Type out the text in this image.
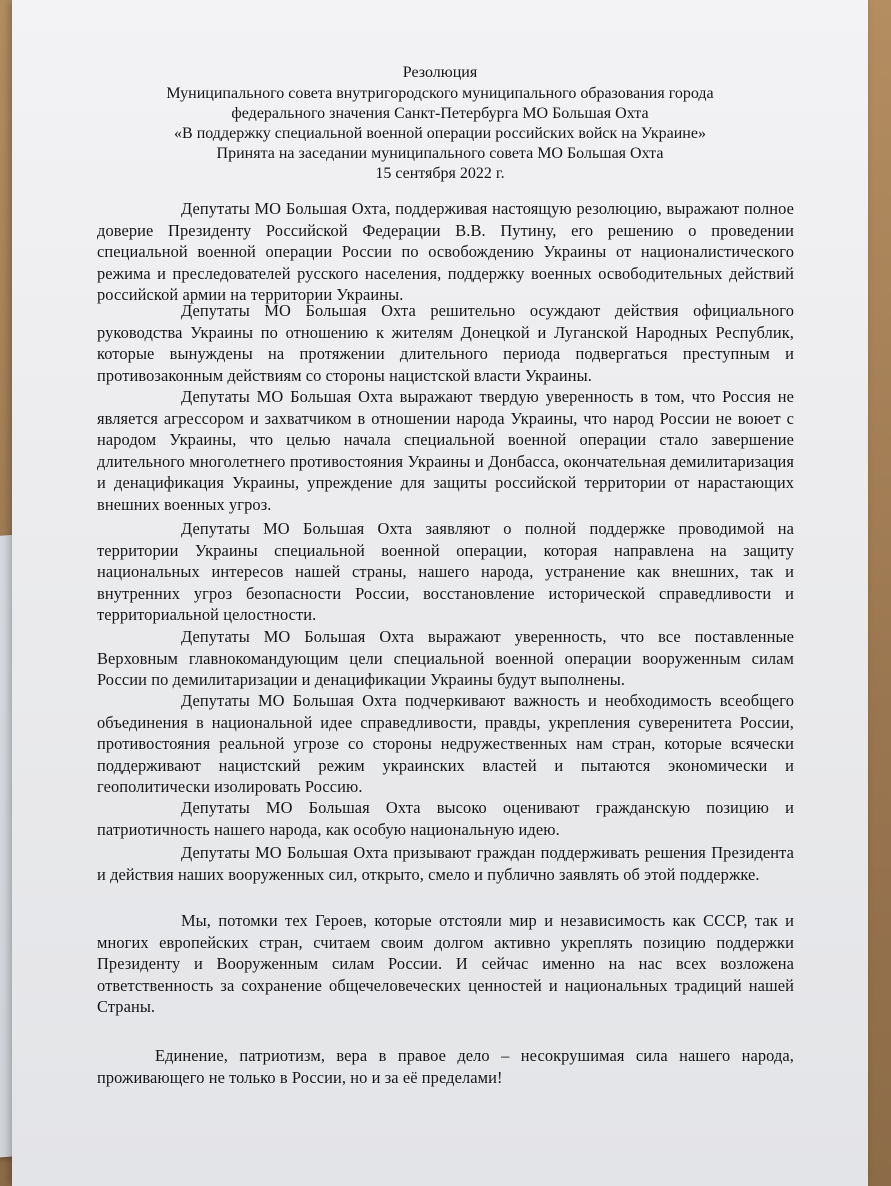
Резолюция
Муниципального совета внутригородского муниципального образования города
федерального значения Санкт-Петербурга МО Большая Охта
«В поддержку специальной военной операции российских войск на Украине»
Принята на заседании муниципального совета МО Большая Охта
15 сентября 2022 г.

Депутаты МО Большая Охта, поддерживая настоящую резолюцию, выражают полное доверие Президенту Российской Федерации В.В. Путину, его решению о проведении специальной военной операции России по освобождению Украины от националистического режима и преследователей русского населения, поддержку военных освободительных действий российской армии на территории Украины.

Депутаты МО Большая Охта решительно осуждают действия официального руководства Украины по отношению к жителям Донецкой и Луганской Народных Республик, которые вынуждены на протяжении длительного периода подвергаться преступным и противозаконным действиям со стороны нацистской власти Украины.

Депутаты МО Большая Охта выражают твердую уверенность в том, что Россия не является агрессором и захватчиком в отношении народа Украины, что народ России не воюет с народом Украины, что целью начала специальной военной операции стало завершение длительного многолетнего противостояния Украины и Донбасса, окончательная демилитаризация и денацификация Украины, упреждение для защиты российской территории от нарастающих внешних военных угроз.

Депутаты МО Большая Охта заявляют о полной поддержке проводимой на территории Украины специальной военной операции, которая направлена на защиту национальных интересов нашей страны, нашего народа, устранение как внешних, так и внутренних угроз безопасности России, восстановление исторической справедливости и территориальной целостности.

Депутаты МО Большая Охта выражают уверенность, что все поставленные Верховным главнокомандующим цели специальной военной операции вооруженным силам России по демилитаризации и денацификации Украины будут выполнены.

Депутаты МО Большая Охта подчеркивают важность и необходимость всеобщего объединения в национальной идее справедливости, правды, укрепления суверенитета России, противостояния реальной угрозе со стороны недружественных нам стран, которые всячески поддерживают нацистский режим украинских властей и пытаются экономически и геополитически изолировать Россию.

Депутаты МО Большая Охта высоко оценивают гражданскую позицию и патриотичность нашего народа, как особую национальную идею.

Депутаты МО Большая Охта призывают граждан поддерживать решения Президента и действия наших вооруженных сил, открыто, смело и публично заявлять об этой поддержке.

Мы, потомки тех Героев, которые отстояли мир и независимость как СССР, так и многих европейских стран, считаем своим долгом активно укреплять позицию поддержки Президенту и Вооруженным силам России. И сейчас именно на нас всех возложена ответственность за сохранение общечеловеческих ценностей и национальных традиций нашей Страны.

Единение, патриотизм, вера в правое дело – несокрушимая сила нашего народа, проживающего не только в России, но и за её пределами!
